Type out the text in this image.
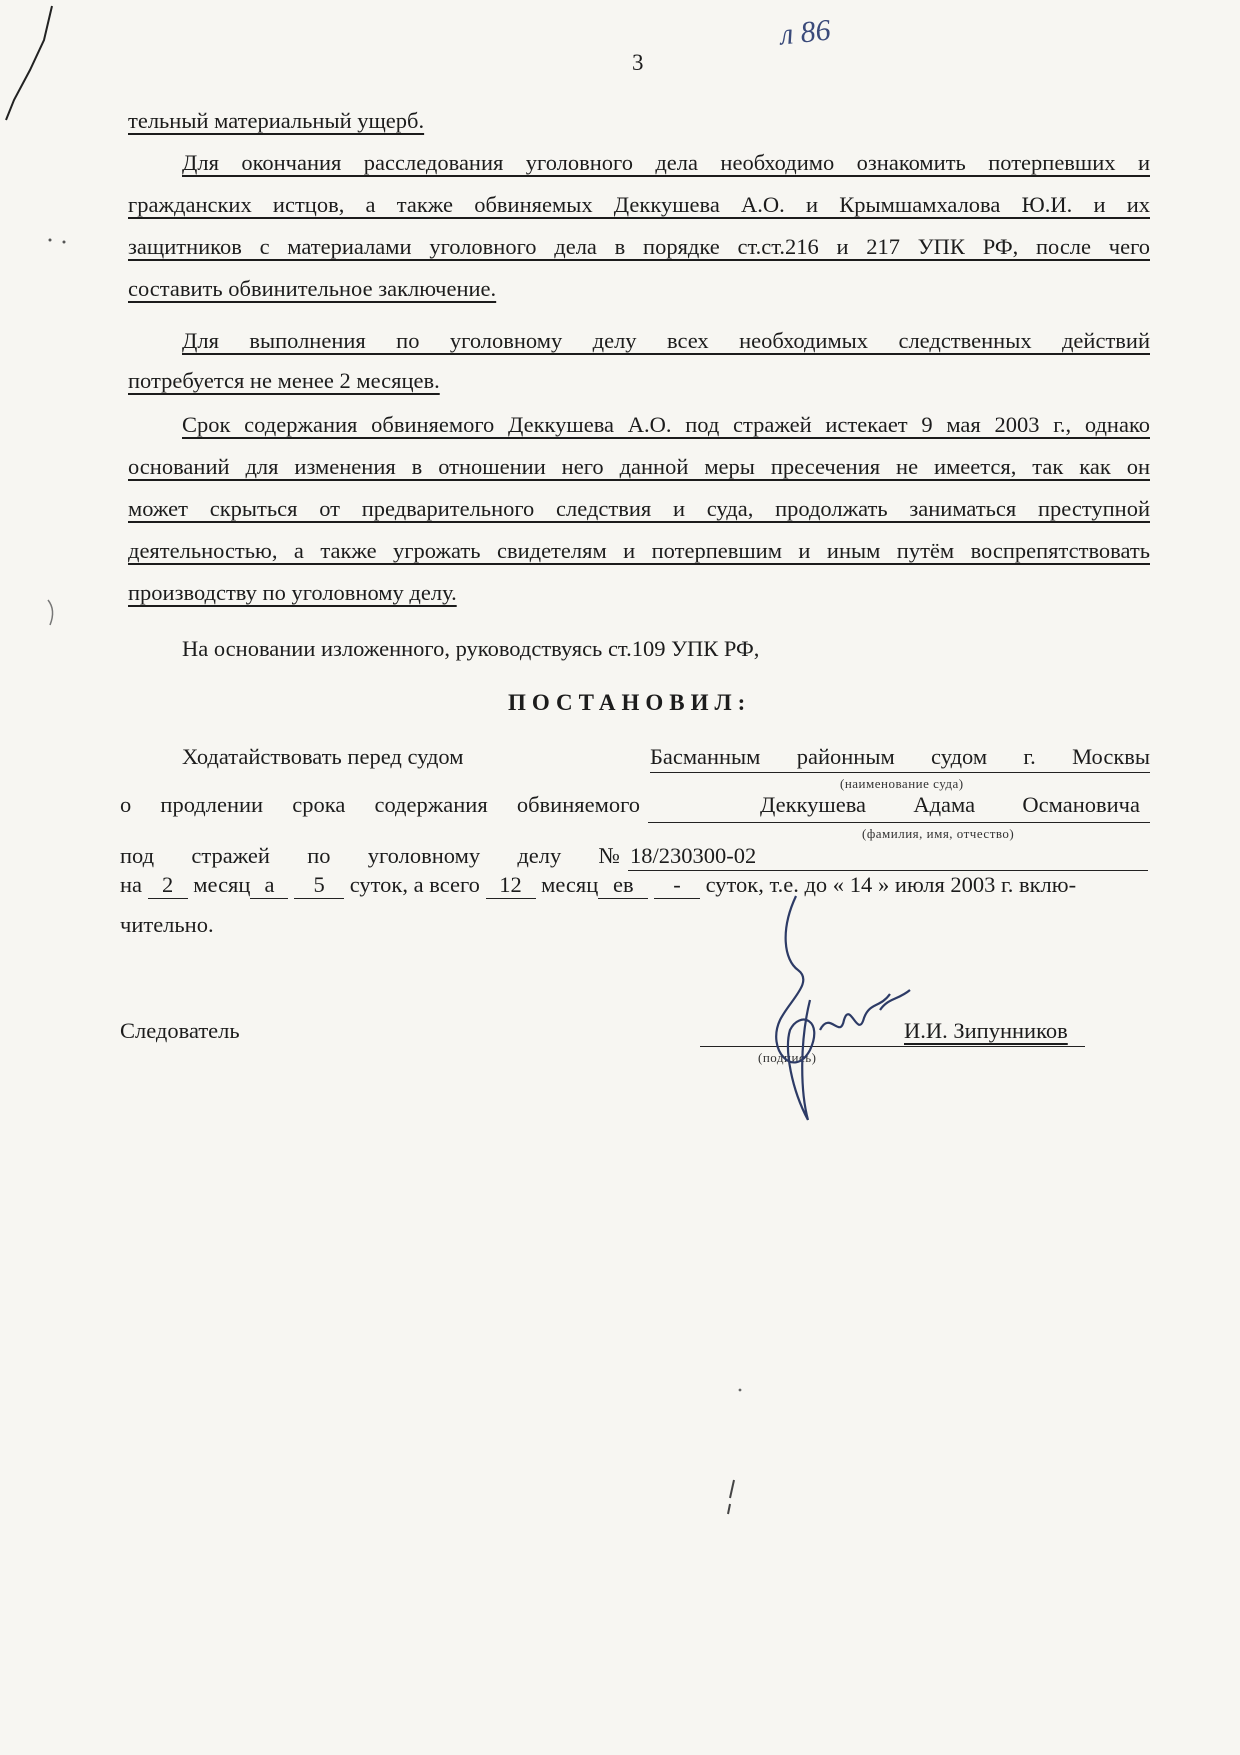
3
л 86
тельный материальный ущерб.
Для окончания расследования уголовного дела необходимо ознакомить потерпевших и
гражданских истцов, а также обвиняемых Деккушева А.О. и Крымшамхалова Ю.И. и их
защитников с материалами уголовного дела в порядке ст.ст.216 и 217 УПК РФ, после чего
составить обвинительное заключение.
Для выполнения по уголовному делу всех необходимых следственных действий
потребуется не менее 2 месяцев.
Срок содержания обвиняемого Деккушева А.О. под стражей истекает 9 мая 2003 г., однако
оснований для изменения в отношении него данной меры пресечения не имеется, так как он
может скрыться от предварительного следствия и суда, продолжать заниматься преступной
деятельностью, а также угрожать свидетелям и потерпевшим и иным путём воспрепятствовать
производству по уголовному делу.
На основании изложенного, руководствуясь ст.109 УПК РФ,
ПОСТАНОВИЛ:
Ходатайствовать перед судом	Басманным районным судом г. Москвы
(наименование суда)
о продлении срока содержания обвиняемого	Деккушева Адама Османовича
(фамилия, имя, отчество)
под стражей по уголовному делу № 18/230300-02
на 2 месяц а 5 суток, а всего 12 месяц ев - суток, т.е. до « 14 » июля 2003 г. вклю-
чительно.
Следователь
(подпись)
И.И. Зипунников
